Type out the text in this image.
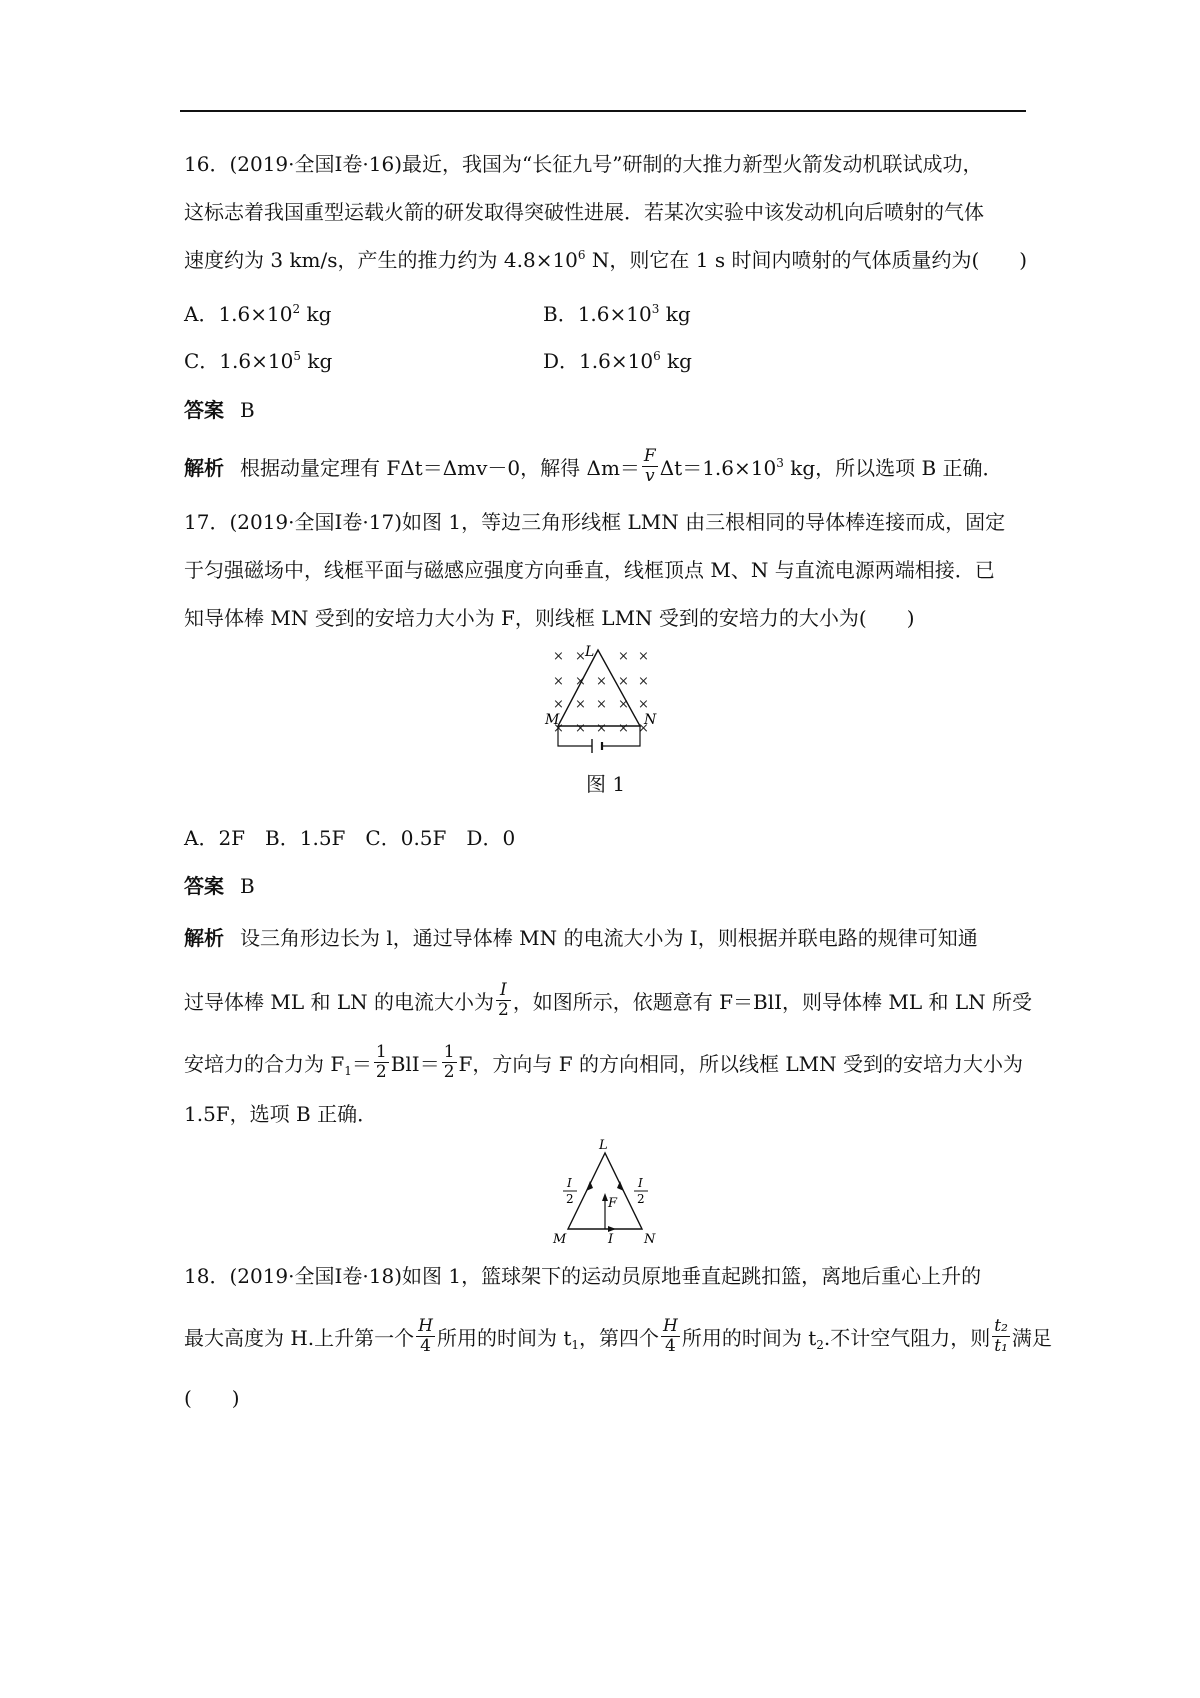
16．(2019·全国Ⅰ卷·16)最近，我国为“长征九号”研制的大推力新型火箭发动机联试成功，
这标志着我国重型运载火箭的研发取得突破性进展．若某次实验中该发动机向后喷射的气体
速度约为 3 km/s，产生的推力约为 $4.8\times 10^6$ N，则它在 1 s 时间内喷射的气体质量约为(　　)
A．$1.6\times 10^2$ kg	B．$1.6\times 10^3$ kg
C．$1.6\times 10^5$ kg	D．$1.6\times 10^6$ kg
答案 B
解析 根据动量定理有 FΔt＝Δmv－0，解得 $\Delta m= \frac{F}{v} \Delta t=1.6\times 10^3$ kg，所以选项 B 正确．
17．(2019·全国Ⅰ卷·17)如图 1，等边三角形线框 LMN 由三根相同的导体棒连接而成，固定
于匀强磁场中，线框平面与磁感应强度方向垂直，线框顶点 M、N 与直流电源两端相接．已
知导体棒 MN 受到的安培力大小为 F，则线框 LMN 受到的安培力的大小为(　　)
× × × ×
× × × × ×
× × × × ×
× × × × ×
L
M	N
图 1
A．2F　B．1.5F　C．0.5F　D．0
答案 B
解析 设三角形边长为 l，通过导体棒 MN 的电流大小为 I，则根据并联电路的规律可知通
过导体棒 ML 和 LN 的电流大小为 $\frac{I}{2}$ ，如图所示，依题意有 F＝BlI，则导体棒 ML 和 LN 所受
安培力的合力为 $F_1= \frac{1}{2} BlI= \frac{1}{2}$ F，方向与 F 的方向相同，所以线框 LMN 受到的安培力大小为
1.5F，选项 B 正确．
L
M	N
F
I
I
2
I
2
18．(2019·全国Ⅰ卷·18)如图 1，篮球架下的运动员原地垂直起跳扣篮，离地后重心上升的
最大高度为 H.上升第一个 $\frac{H}{4}$ 所用的时间为 $t_1$，第四个 $\frac{H}{4}$ 所用的时间为 $t_2$.不计空气阻力，则 $\frac{\text{t₂}}{\text{t₁}}$ 满足
(　　)
